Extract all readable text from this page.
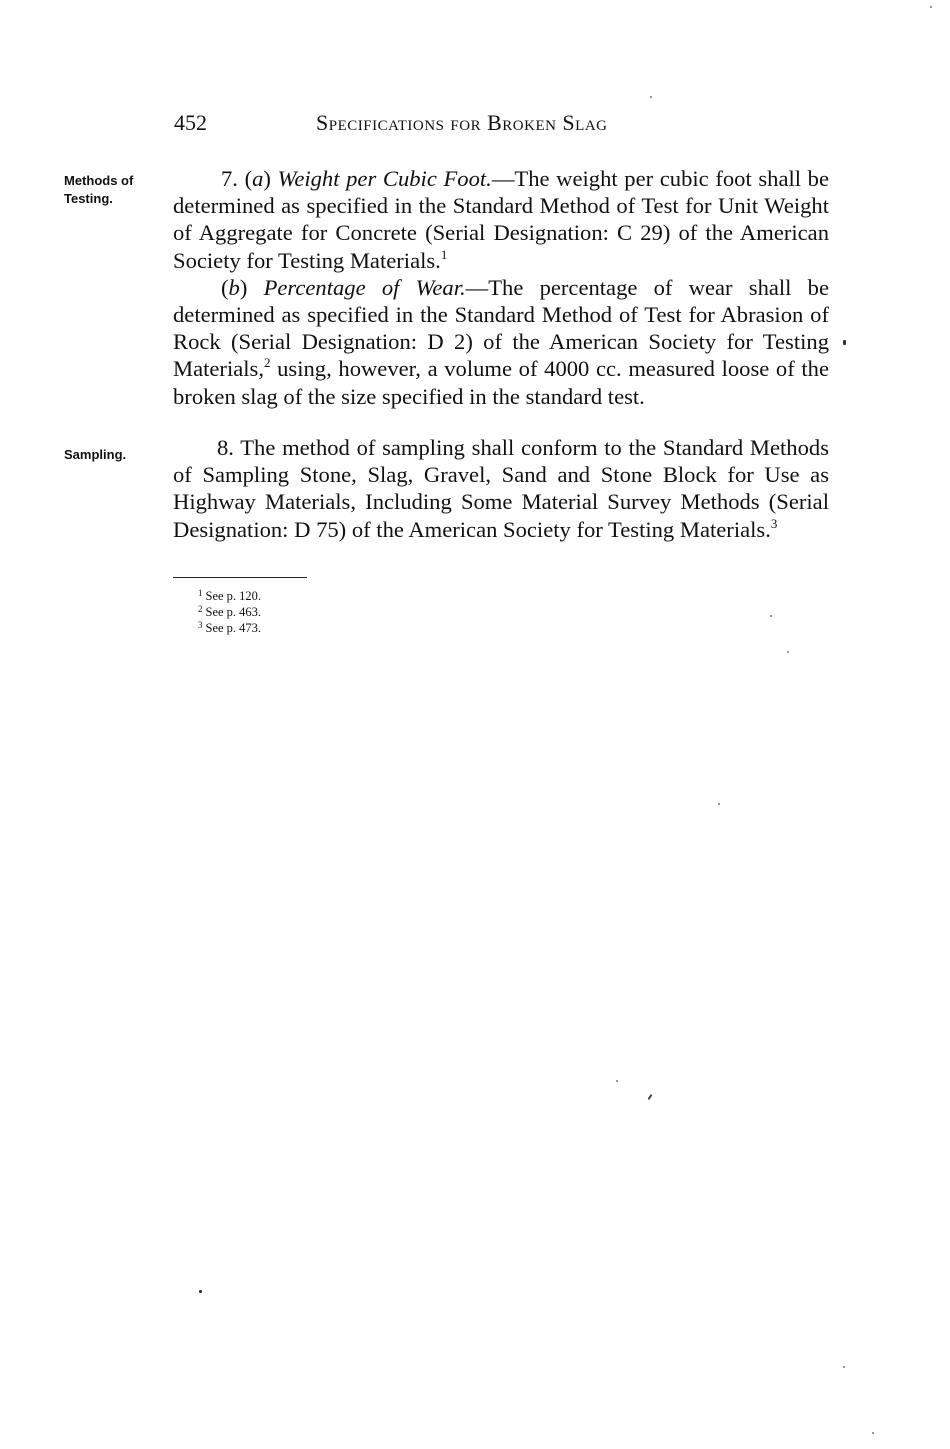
452	Specifications for Broken Slag
Methods of Testing.
Sampling.

7. (a) Weight per Cubic Foot.—The weight per cubic foot shall be determined as specified in the Standard Method of Test for Unit Weight of Aggregate for Concrete (Serial Designation: C 29) of the American Society for Testing Materials.$^1$

(b) Percentage of Wear.—The percentage of wear shall be determined as specified in the Standard Method of Test for Abrasion of Rock (Serial Designation: D 2) of the American Society for Testing Materials,$^2$ using, however, a volume of 4000 cc. measured loose of the broken slag of the size specified in the standard test.

8. The method of sampling shall conform to the Standard Methods of Sampling Stone, Slag, Gravel, Sand and Stone Block for Use as Highway Materials, Including Some Material Survey Methods (Serial Designation: D 75) of the American Society for Testing Materials.$^3$

$^1$ See p. 120.
$^2$ See p. 463.
$^3$ See p. 473.
